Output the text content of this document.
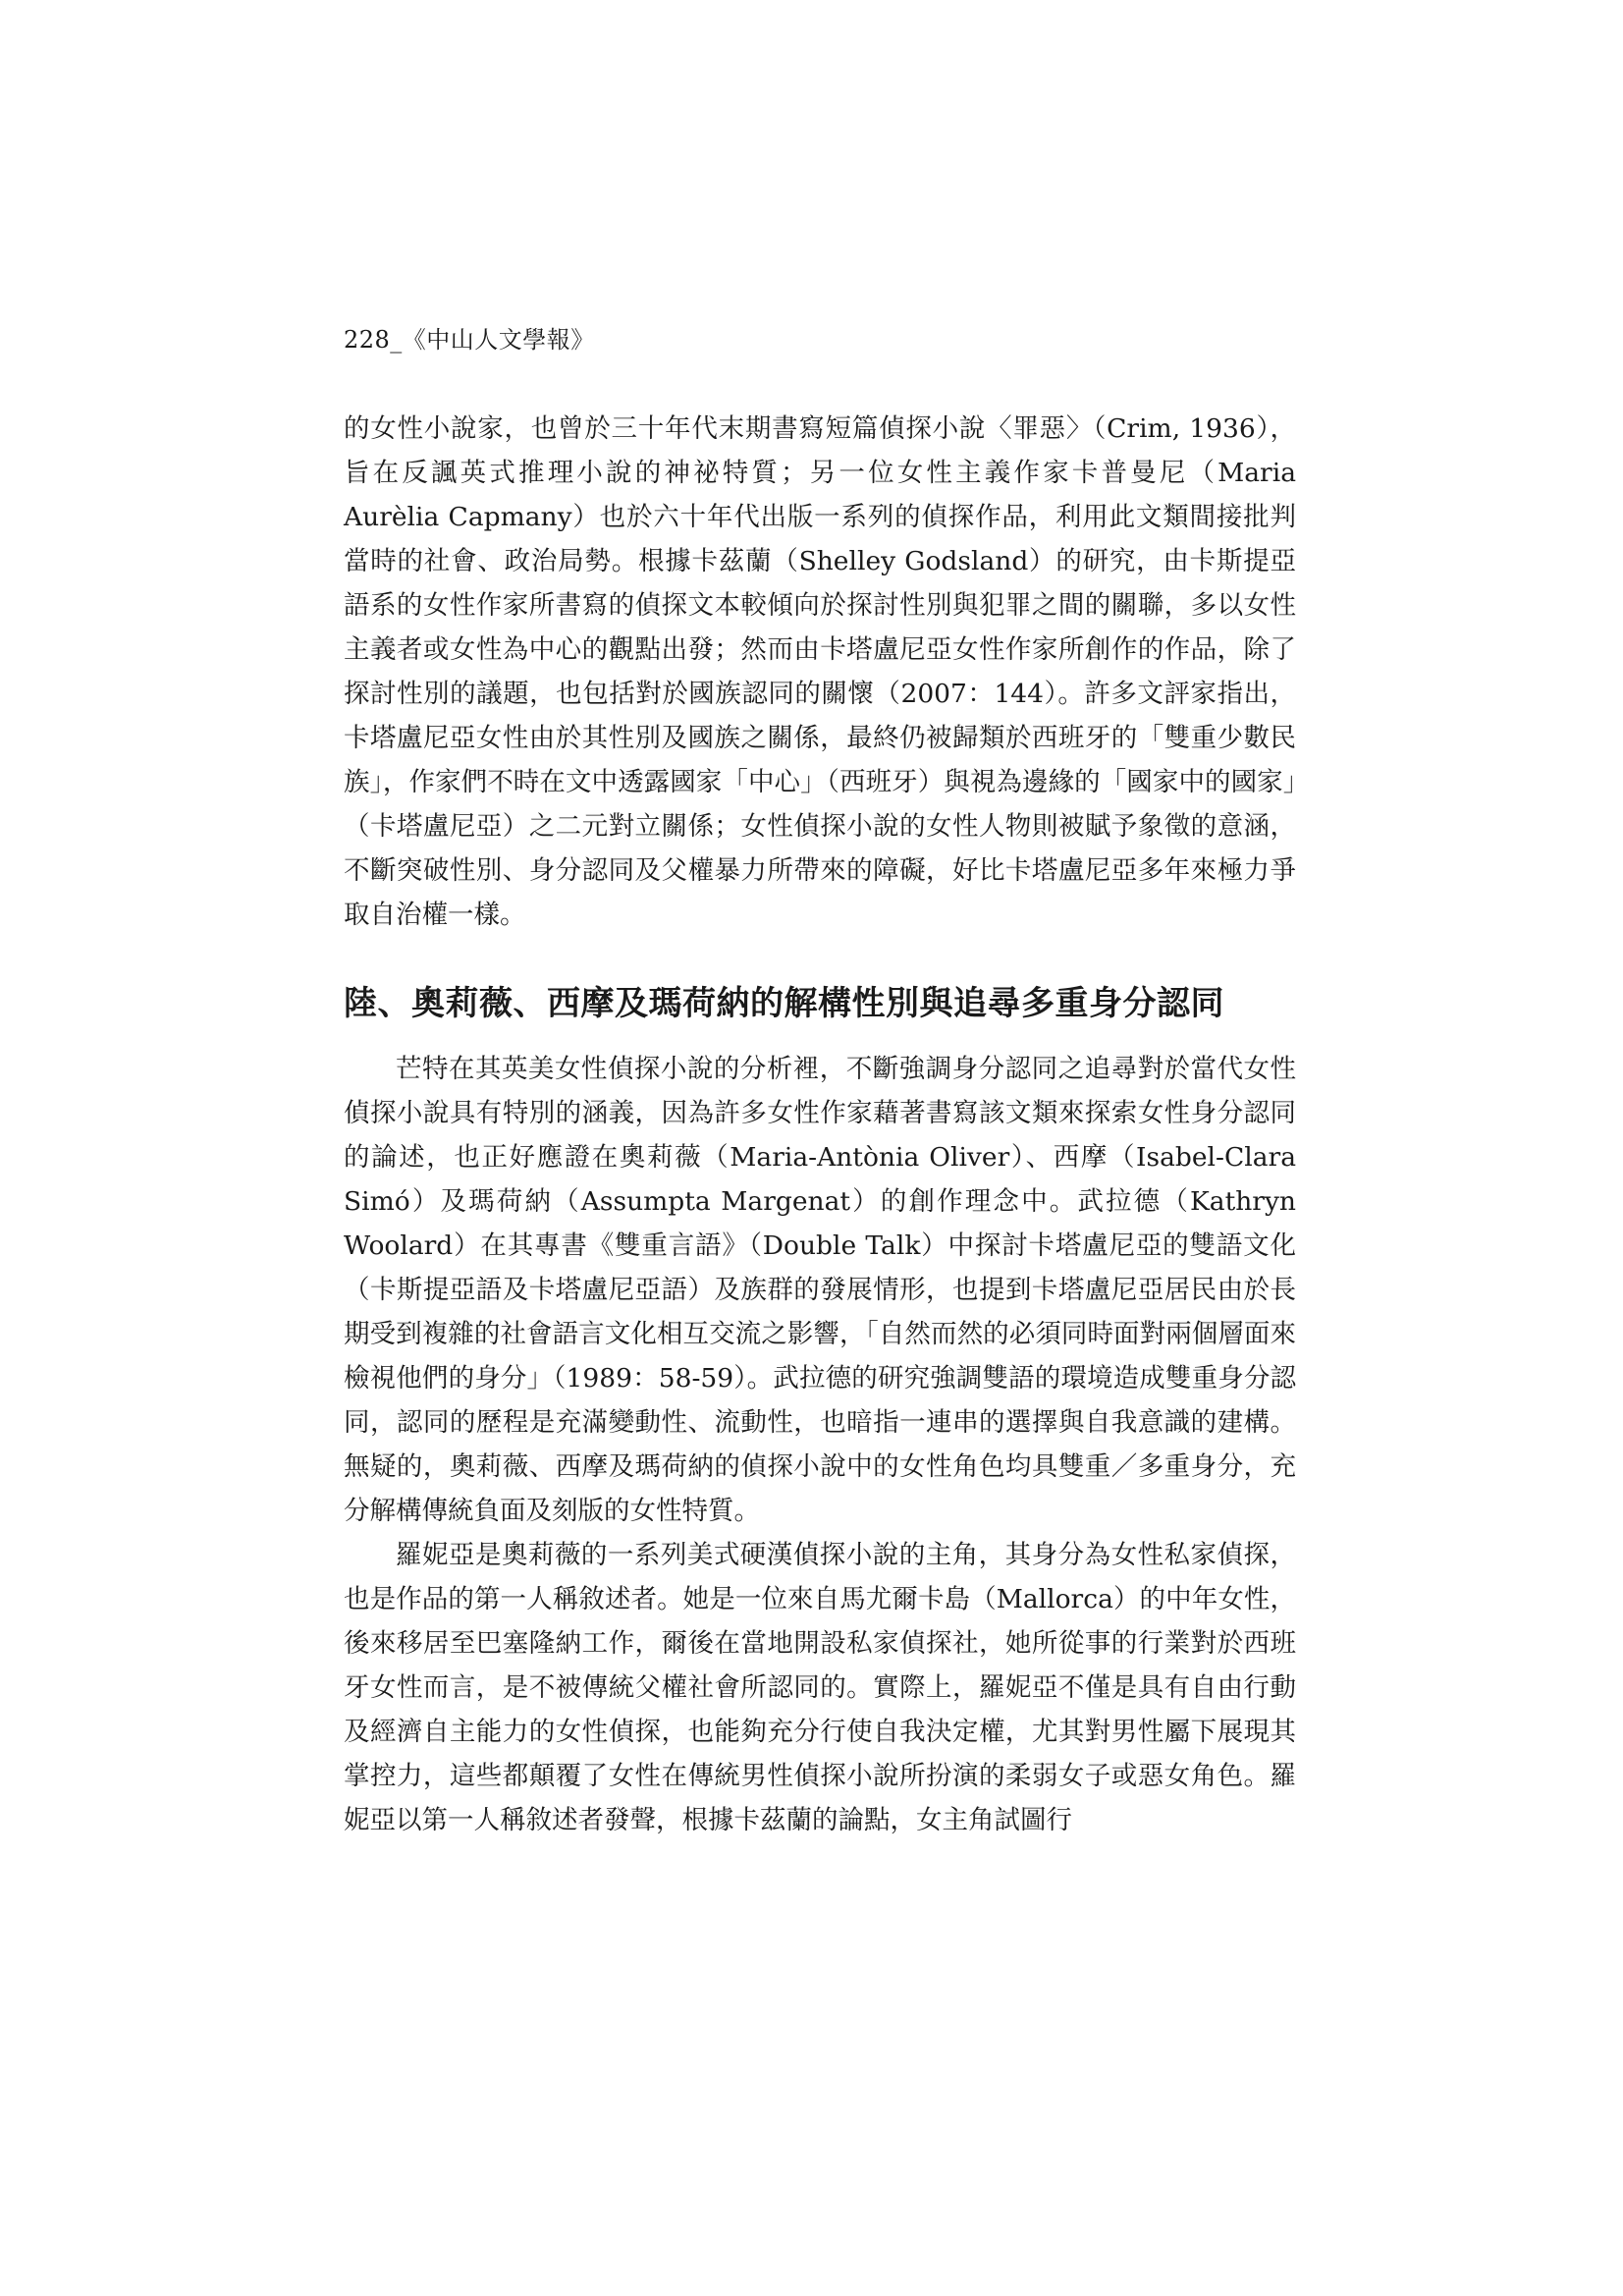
228_《中山人文學報》

的女性小說家，也曾於三十年代末期書寫短篇偵探小說〈罪惡〉（Crim, 1936），旨在反諷英式推理小說的神祕特質；另一位女性主義作家卡普曼尼（Maria Aurèlia Capmany）也於六十年代出版一系列的偵探作品，利用此文類間接批判當時的社會、政治局勢。根據卡茲蘭（Shelley Godsland）的研究，由卡斯提亞語系的女性作家所書寫的偵探文本較傾向於探討性別與犯罪之間的關聯，多以女性主義者或女性為中心的觀點出發；然而由卡塔盧尼亞女性作家所創作的作品，除了探討性別的議題，也包括對於國族認同的關懷（2007：144）。許多文評家指出，卡塔盧尼亞女性由於其性別及國族之關係，最終仍被歸類於西班牙的「雙重少數民族」，作家們不時在文中透露國家「中心」（西班牙）與視為邊緣的「國家中的國家」（卡塔盧尼亞）之二元對立關係；女性偵探小說的女性人物則被賦予象徵的意涵，不斷突破性別、身分認同及父權暴力所帶來的障礙，好比卡塔盧尼亞多年來極力爭取自治權一樣。

陸、奧莉薇、西摩及瑪荷納的解構性別與追尋多重身分認同

芒特在其英美女性偵探小說的分析裡，不斷強調身分認同之追尋對於當代女性偵探小說具有特別的涵義，因為許多女性作家藉著書寫該文類來探索女性身分認同的論述，也正好應證在奧莉薇（Maria-Antònia Oliver）、西摩（Isabel-Clara Simó）及瑪荷納（Assumpta Margenat）的創作理念中。武拉德（Kathryn Woolard）在其專書《雙重言語》（Double Talk）中探討卡塔盧尼亞的雙語文化（卡斯提亞語及卡塔盧尼亞語）及族群的發展情形，也提到卡塔盧尼亞居民由於長期受到複雜的社會語言文化相互交流之影響，「自然而然的必須同時面對兩個層面來檢視他們的身分」（1989：58-59）。武拉德的研究強調雙語的環境造成雙重身分認同，認同的歷程是充滿變動性、流動性，也暗指一連串的選擇與自我意識的建構。無疑的，奧莉薇、西摩及瑪荷納的偵探小說中的女性角色均具雙重／多重身分，充分解構傳統負面及刻版的女性特質。

羅妮亞是奧莉薇的一系列美式硬漢偵探小說的主角，其身分為女性私家偵探，也是作品的第一人稱敘述者。她是一位來自馬尤爾卡島（Mallorca）的中年女性，後來移居至巴塞隆納工作，爾後在當地開設私家偵探社，她所從事的行業對於西班牙女性而言，是不被傳統父權社會所認同的。實際上，羅妮亞不僅是具有自由行動及經濟自主能力的女性偵探，也能夠充分行使自我決定權，尤其對男性屬下展現其掌控力，這些都顛覆了女性在傳統男性偵探小說所扮演的柔弱女子或惡女角色。羅妮亞以第一人稱敘述者發聲，根據卡茲蘭的論點，女主角試圖行
